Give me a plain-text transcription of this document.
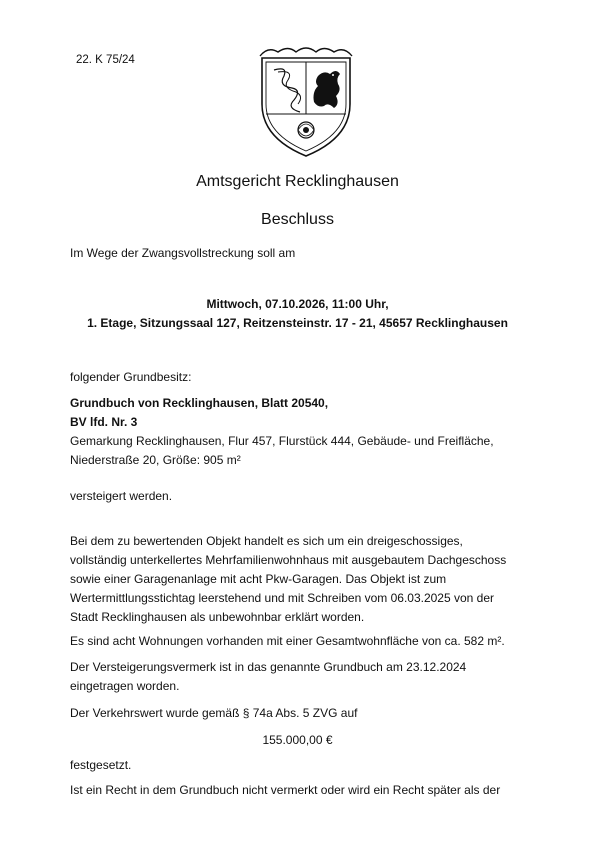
22. K 75/24
Amtsgericht Recklinghausen
Beschluss
Im Wege der Zwangsvollstreckung soll am
Mittwoch, 07.10.2026, 11:00 Uhr,
1. Etage, Sitzungssaal 127, Reitzensteinstr. 17 - 21, 45657 Recklinghausen
folgender Grundbesitz:
Grundbuch von Recklinghausen, Blatt 20540,
BV lfd. Nr. 3
Gemarkung Recklinghausen, Flur 457, Flurstück 444, Gebäude- und Freifläche,
Niederstraße 20, Größe: 905 m²
versteigert werden.
Bei dem zu bewertenden Objekt handelt es sich um ein dreigeschossiges,
vollständig unterkellertes Mehrfamilienwohnhaus mit ausgebautem Dachgeschoss
sowie einer Garagenanlage mit acht Pkw-Garagen. Das Objekt ist zum
Wertermittlungsstichtag leerstehend und mit Schreiben vom 06.03.2025 von der
Stadt Recklinghausen als unbewohnbar erklärt worden.
Es sind acht Wohnungen vorhanden mit einer Gesamtwohnfläche von ca. 582 m².
Der Versteigerungsvermerk ist in das genannte Grundbuch am 23.12.2024
eingetragen worden.
Der Verkehrswert wurde gemäß § 74a Abs. 5 ZVG auf
155.000,00 €
festgesetzt.
Ist ein Recht in dem Grundbuch nicht vermerkt oder wird ein Recht später als der
